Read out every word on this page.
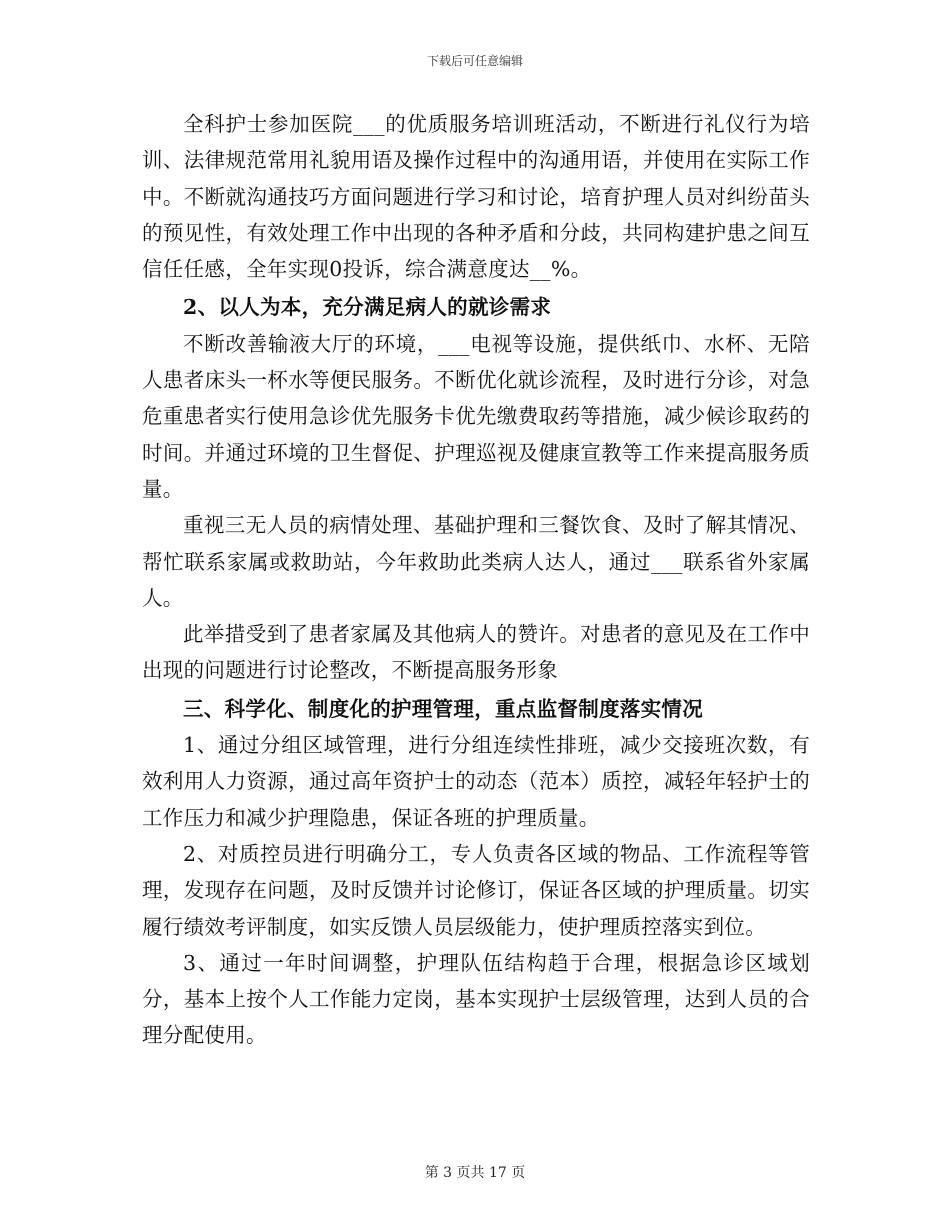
下载后可任意编辑

全科护士参加医院___的优质服务培训班活动，不断进行礼仪行为培训、法律规范常用礼貌用语及操作过程中的沟通用语，并使用在实际工作中。不断就沟通技巧方面问题进行学习和讨论，培育护理人员对纠纷苗头的预见性，有效处理工作中出现的各种矛盾和分歧，共同构建护患之间互信任任感，全年实现0投诉，综合满意度达__%。

2、以人为本，充分满足病人的就诊需求

不断改善输液大厅的环境，___电视等设施，提供纸巾、水杯、无陪人患者床头一杯水等便民服务。不断优化就诊流程，及时进行分诊，对急危重患者实行使用急诊优先服务卡优先缴费取药等措施，减少候诊取药的时间。并通过环境的卫生督促、护理巡视及健康宣教等工作来提高服务质量。

重视三无人员的病情处理、基础护理和三餐饮食、及时了解其情况、帮忙联系家属或救助站，今年救助此类病人达人，通过___联系省外家属人。

此举措受到了患者家属及其他病人的赞许。对患者的意见及在工作中出现的问题进行讨论整改，不断提高服务形象

三、科学化、制度化的护理管理，重点监督制度落实情况

1、通过分组区域管理，进行分组连续性排班，减少交接班次数，有效利用人力资源，通过高年资护士的动态（范本）质控，减轻年轻护士的工作压力和减少护理隐患，保证各班的护理质量。

2、对质控员进行明确分工，专人负责各区域的物品、工作流程等管理，发现存在问题，及时反馈并讨论修订，保证各区域的护理质量。切实履行绩效考评制度，如实反馈人员层级能力，使护理质控落实到位。

3、通过一年时间调整，护理队伍结构趋于合理，根据急诊区域划分，基本上按个人工作能力定岗，基本实现护士层级管理，达到人员的合理分配使用。

第 3 页共 17 页
